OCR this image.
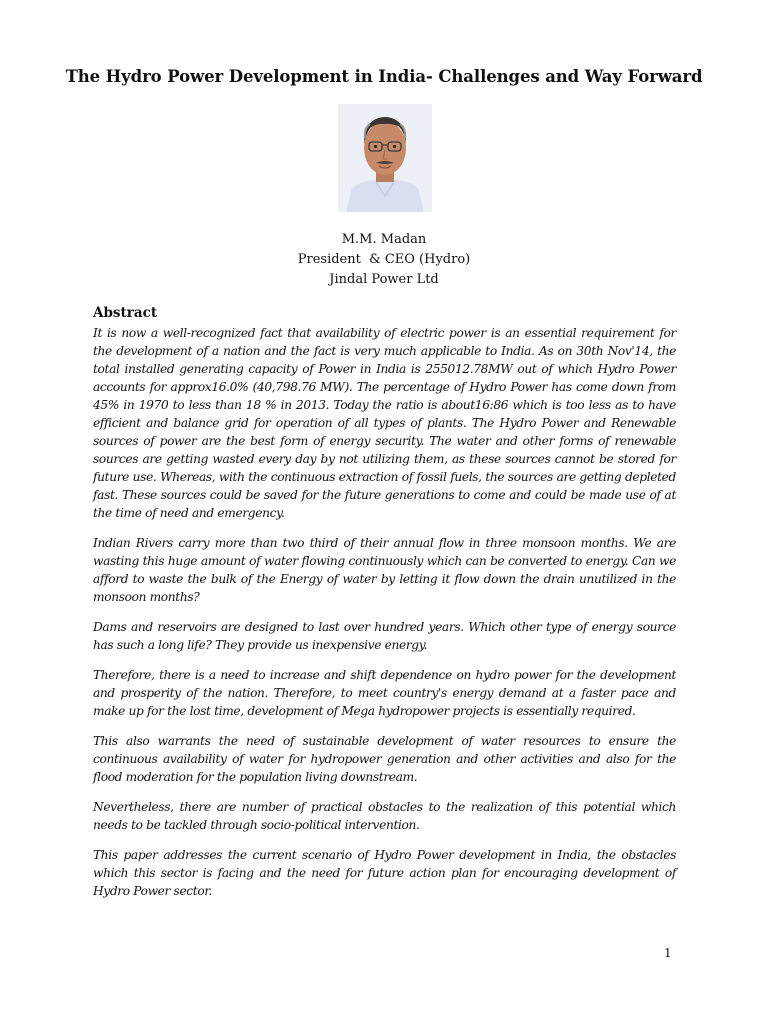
The Hydro Power Development in India- Challenges and Way Forward
M.M. Madan
President  & CEO (Hydro)
Jindal Power Ltd
Abstract

It is now a well-recognized fact that availability of electric power is an essential requirement for the development of a nation and the fact is very much applicable to India. As on 30th Nov'14, the total installed generating capacity of Power in India is 255012.78MW out of which Hydro Power accounts for approx16.0% (40,798.76 MW). The percentage of Hydro Power has come down from 45% in 1970 to less than 18 % in 2013. Today the ratio is about16:86 which is too less as to have efficient and balance grid for operation of all types of plants. The Hydro Power and Renewable sources of power are the best form of energy security. The water and other forms of renewable sources are getting wasted every day by not utilizing them, as these sources cannot be stored for future use. Whereas, with the continuous extraction of fossil fuels, the sources are getting depleted fast. These sources could be saved for the future generations to come and could be made use of at the time of need and emergency.

Indian Rivers carry more than two third of their annual flow in three monsoon months. We are wasting this huge amount of water flowing continuously which can be converted to energy. Can we afford to waste the bulk of the Energy of water by letting it flow down the drain unutilized in the monsoon months?

Dams and reservoirs are designed to last over hundred years. Which other type of energy source has such a long life? They provide us inexpensive energy.

Therefore, there is a need to increase and shift dependence on hydro power for the development and prosperity of the nation. Therefore, to meet country's energy demand at a faster pace and make up for the lost time, development of Mega hydropower projects is essentially required.

This also warrants the need of sustainable development of water resources to ensure the continuous availability of water for hydropower generation and other activities and also for the flood moderation for the population living downstream.

Nevertheless, there are number of practical obstacles to the realization of this potential which needs to be tackled through socio-political intervention.

This paper addresses the current scenario of Hydro Power development in India, the obstacles which this sector is facing and the need for future action plan for encouraging development of Hydro Power sector.

1
